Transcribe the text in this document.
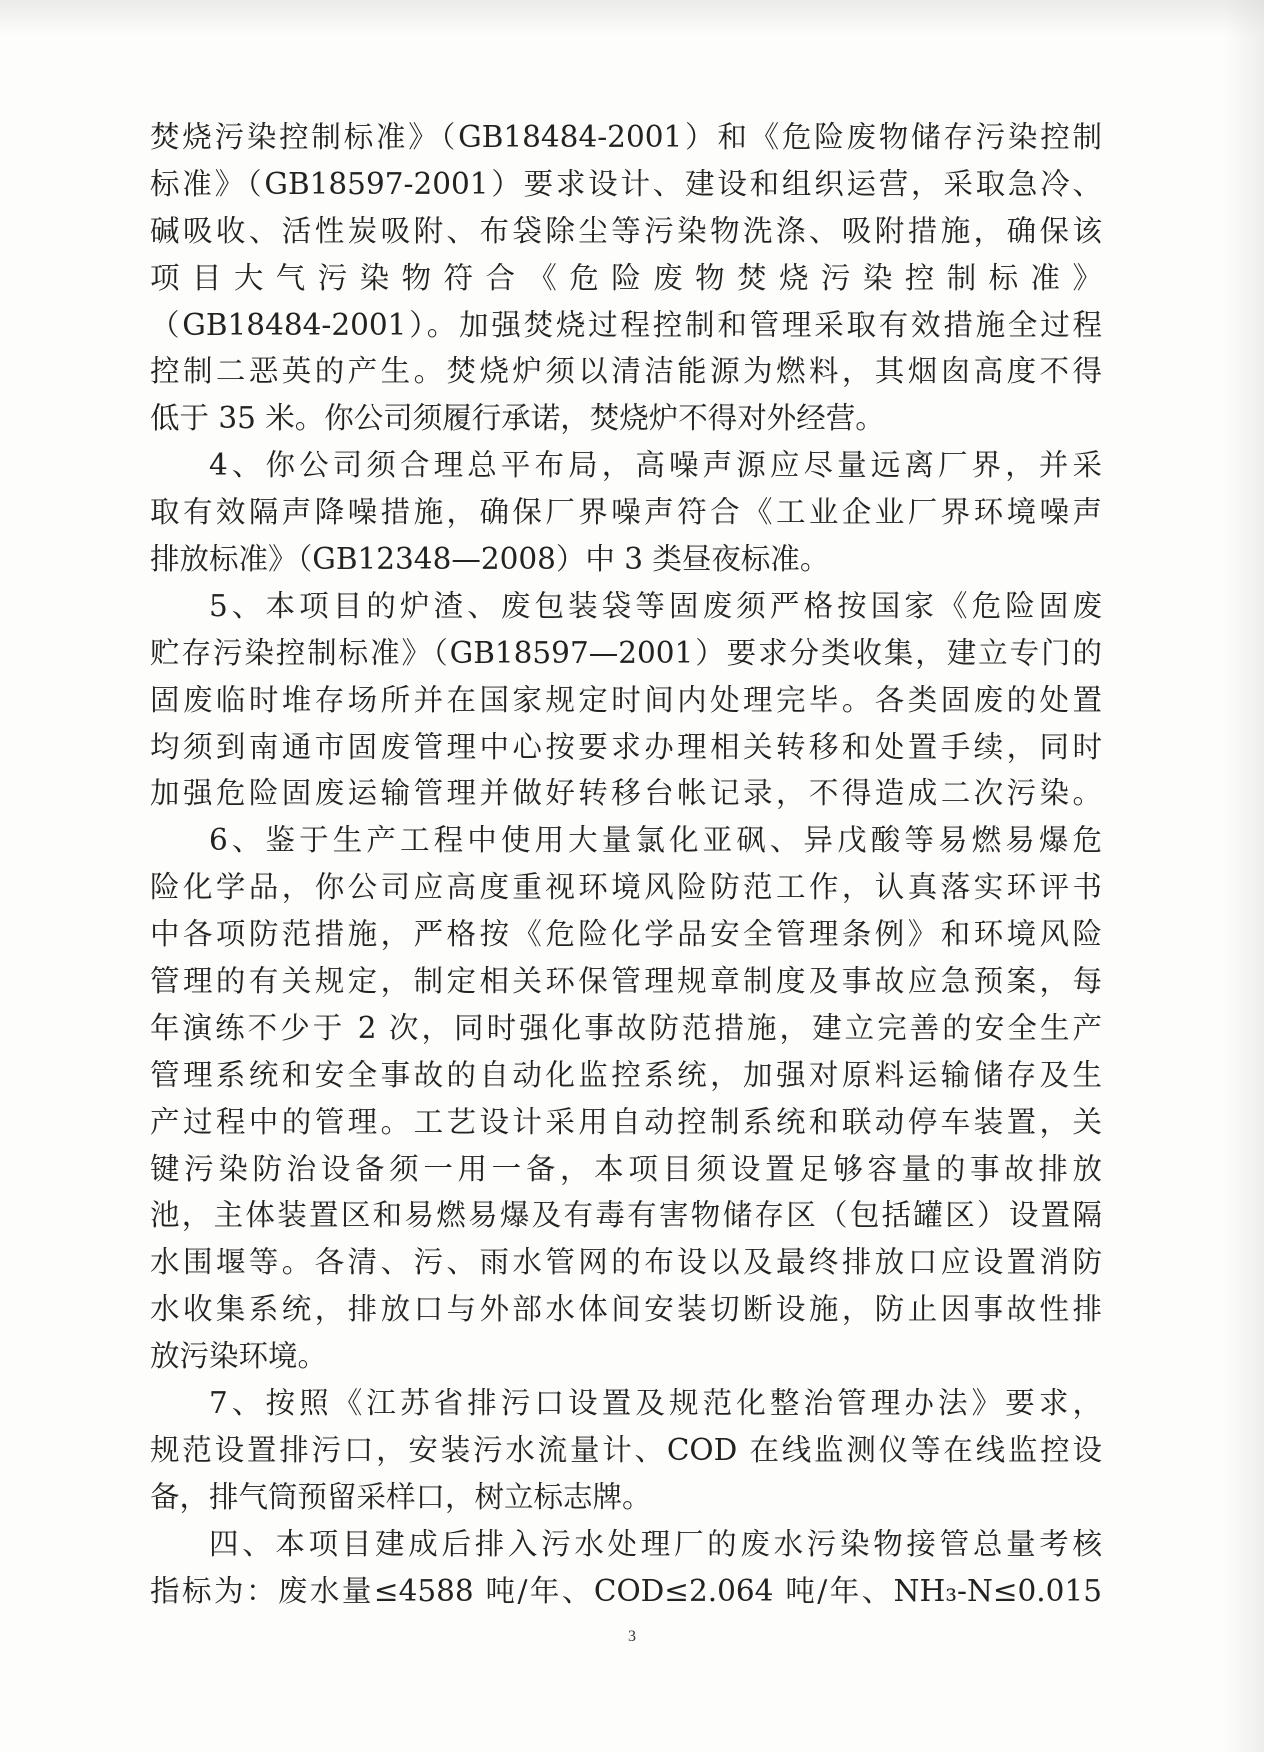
焚烧污染控制标准》（GB18484-2001）和《危险废物储存污染控制
标准》（GB18597-2001）要求设计、建设和组织运营，采取急冷、
碱吸收、活性炭吸附、布袋除尘等污染物洗涤、吸附措施，确保该
项目大气污染物符合《危险废物焚烧污染控制标准》
（GB18484-2001）。加强焚烧过程控制和管理采取有效措施全过程
控制二恶英的产生。焚烧炉须以清洁能源为燃料，其烟囱高度不得
低于 35 米。你公司须履行承诺，焚烧炉不得对外经营。
4、你公司须合理总平布局，高噪声源应尽量远离厂界，并采
取有效隔声降噪措施，确保厂界噪声符合《工业企业厂界环境噪声
排放标准》（GB12348—2008）中 3 类昼夜标准。
5、本项目的炉渣、废包装袋等固废须严格按国家《危险固废
贮存污染控制标准》（GB18597—2001）要求分类收集，建立专门的
固废临时堆存场所并在国家规定时间内处理完毕。各类固废的处置
均须到南通市固废管理中心按要求办理相关转移和处置手续，同时
加强危险固废运输管理并做好转移台帐记录，不得造成二次污染。
6、鉴于生产工程中使用大量氯化亚砜、异戊酸等易燃易爆危
险化学品，你公司应高度重视环境风险防范工作，认真落实环评书
中各项防范措施，严格按《危险化学品安全管理条例》和环境风险
管理的有关规定，制定相关环保管理规章制度及事故应急预案，每
年演练不少于 2 次，同时强化事故防范措施，建立完善的安全生产
管理系统和安全事故的自动化监控系统，加强对原料运输储存及生
产过程中的管理。工艺设计采用自动控制系统和联动停车装置，关
键污染防治设备须一用一备，本项目须设置足够容量的事故排放
池，主体装置区和易燃易爆及有毒有害物储存区（包括罐区）设置隔
水围堰等。各清、污、雨水管网的布设以及最终排放口应设置消防
水收集系统，排放口与外部水体间安装切断设施，防止因事故性排
放污染环境。
7、按照《江苏省排污口设置及规范化整治管理办法》要求，
规范设置排污口，安装污水流量计、COD 在线监测仪等在线监控设
备，排气筒预留采样口，树立标志牌。
四、本项目建成后排入污水处理厂的废水污染物接管总量考核
指标为：废水量≤4588 吨/年、COD≤2.064 吨/年、NH₃-N≤0.015
3
